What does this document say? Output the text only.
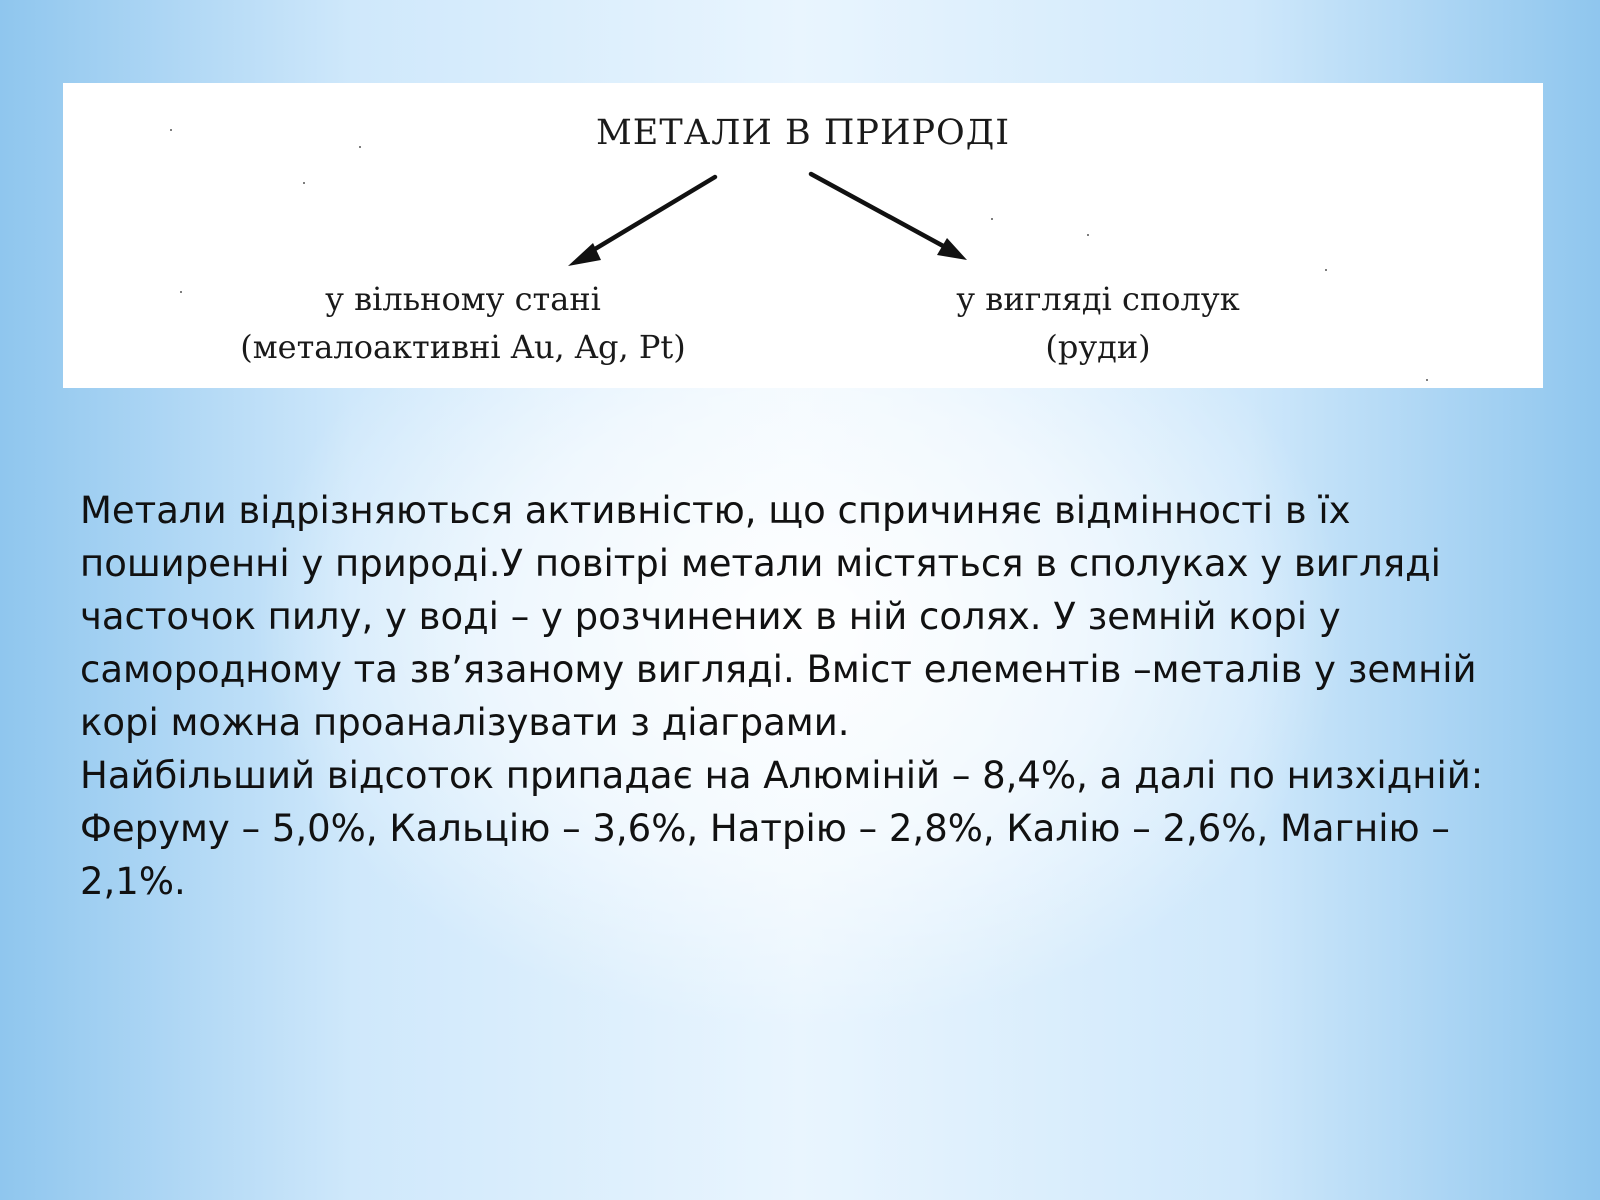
МЕТАЛИ В ПРИРОДІ
у вільному стані
(металоактивні Au, Ag, Pt)
у вигляді сполук
(руди)

Метали відрізняються активністю, що спричиняє відмінності в їх поширенні у природі.У повітрі метали містяться в сполуках у вигляді часточок пилу, у воді – у розчинених в ній солях. У земній корі у самородному та зв’язаному вигляді. Вміст елементів –металів у земній корі можна проаналізувати з діаграми.

Найбільший відсоток припадає на Алюміній – 8,4%, а далі по низхідній: Феруму – 5,0%, Кальцію – 3,6%, Натрію – 2,8%, Калію – 2,6%, Магнію – 2,1%.
